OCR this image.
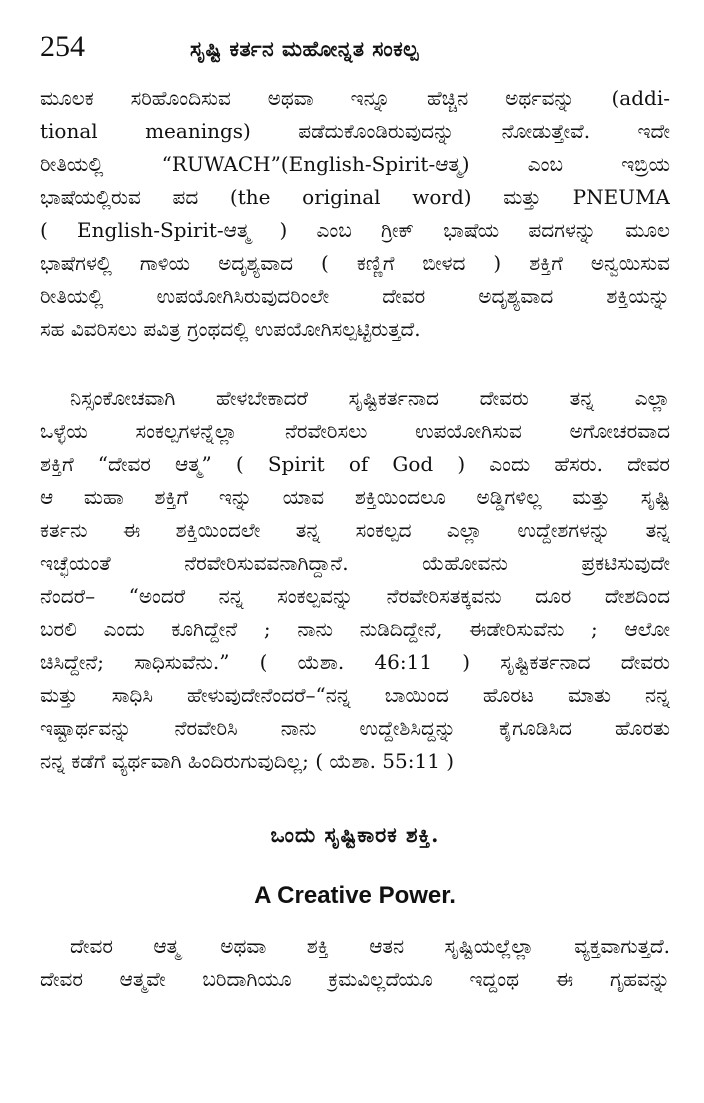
254	ಸೃಷ್ಟಿ ಕರ್ತನ ಮಹೋನ್ನತ ಸಂಕಲ್ಪ
ಮೂಲಕ ಸರಿಹೊಂದಿಸುವ ಅಥವಾ ಇನ್ನೂ ಹೆಚ್ಚಿನ ಅರ್ಥವನ್ನು (addi-
tional meanings) ಪಡೆದುಕೊಂಡಿರುವುದನ್ನು ನೋಡುತ್ತೇವೆ. ಇದೇ
ರೀತಿಯಲ್ಲಿ “RUWACH”(English-Spirit-ಆತ್ಮ) ಎಂಬ ಇಬ್ರಿಯ
ಭಾಷೆಯಲ್ಲಿರುವ ಪದ (the original word) ಮತ್ತು PNEUMA
( English-Spirit-ಆತ್ಮ ) ಎಂಬ ಗ್ರೀಕ್ ಭಾಷೆಯ ಪದಗಳನ್ನು ಮೂಲ
ಭಾಷೆಗಳಲ್ಲಿ ಗಾಳಿಯ ಅದೃಶ್ಯವಾದ ( ಕಣ್ಣಿಗೆ ಬೀಳದ ) ಶಕ್ತಿಗೆ ಅನ್ವಯಿಸುವ
ರೀತಿಯಲ್ಲಿ ಉಪಯೋಗಿಸಿರುವುದರಿಂಲೇ ದೇವರ ಅದೃಶ್ಯವಾದ ಶಕ್ತಿಯನ್ನು
ಸಹ ವಿವರಿಸಲು ಪವಿತ್ರ ಗ್ರಂಥದಲ್ಲಿ ಉಪಯೋಗಿಸಲ್ಪಟ್ಟಿರುತ್ತದೆ.
ನಿಸ್ಸಂಕೋಚವಾಗಿ ಹೇಳಬೇಕಾದರೆ ಸೃಷ್ಟಿಕರ್ತನಾದ ದೇವರು ತನ್ನ ಎಲ್ಲಾ
ಒಳ್ಳೆಯ ಸಂಕಲ್ಪಗಳನ್ನೆಲ್ಲಾ ನೆರವೇರಿಸಲು ಉಪಯೋಗಿಸುವ ಅಗೋಚರವಾದ
ಶಕ್ತಿಗೆ “ದೇವರ ಆತ್ಮ” ( Spirit of God ) ಎಂದು ಹೆಸರು. ದೇವರ
ಆ ಮಹಾ ಶಕ್ತಿಗೆ ಇನ್ನು ಯಾವ ಶಕ್ತಿಯಿಂದಲೂ ಅಡ್ಡಿಗಳಿಲ್ಲ ಮತ್ತು ಸೃಷ್ಟಿ
ಕರ್ತನು ಈ ಶಕ್ತಿಯಿಂದಲೇ ತನ್ನ ಸಂಕಲ್ಪದ ಎಲ್ಲಾ ಉದ್ದೇಶಗಳನ್ನು ತನ್ನ
ಇಚ್ಛೆಯಂತೆ ನೆರವೇರಿಸುವವನಾಗಿದ್ದಾನೆ. ಯೆಹೋವನು ಪ್ರಕಟಿಸುವುದೇ
ನೆಂದರೆ– “ಅಂದರೆ ನನ್ನ ಸಂಕಲ್ಪವನ್ನು ನೆರವೇರಿಸತಕ್ಕವನು ದೂರ ದೇಶದಿಂದ
ಬರಲಿ ಎಂದು ಕೂಗಿದ್ದೇನೆ ; ನಾನು ನುಡಿದಿದ್ದೇನೆ, ಈಡೇರಿಸುವೆನು ; ಆಲೋ
ಚಿಸಿದ್ದೇನೆ; ಸಾಧಿಸುವೆನು.” ( ಯೆಶಾ. 46:11 ) ಸೃಷ್ಟಿಕರ್ತನಾದ ದೇವರು
ಮತ್ತು ಸಾಧಿಸಿ ಹೇಳುವುದೇನೆಂದರೆ–“ನನ್ನ ಬಾಯಿಂದ ಹೊರಟ ಮಾತು ನನ್ನ
ಇಷ್ಟಾರ್ಥವನ್ನು ನೆರವೇರಿಸಿ ನಾನು ಉದ್ದೇಶಿಸಿದ್ದನ್ನು ಕೈಗೂಡಿಸಿದ ಹೊರತು
ನನ್ನ ಕಡೆಗೆ ವ್ಯರ್ಥವಾಗಿ ಹಿಂದಿರುಗುವುದಿಲ್ಲ; ( ಯೆಶಾ. 55:11 )
ಒಂದು ಸೃಷ್ಟಿಕಾರಕ ಶಕ್ತಿ.
A Creative Power.
ದೇವರ ಆತ್ಮ ಅಥವಾ ಶಕ್ತಿ ಆತನ ಸೃಷ್ಟಿಯಲ್ಲೆಲ್ಲಾ ವ್ಯಕ್ತವಾಗುತ್ತದೆ.
ದೇವರ ಆತ್ಮವೇ ಬರಿದಾಗಿಯೂ ಕ್ರಮವಿಲ್ಲದೆಯೂ ಇದ್ದಂಥ ಈ ಗೃಹವನ್ನು
